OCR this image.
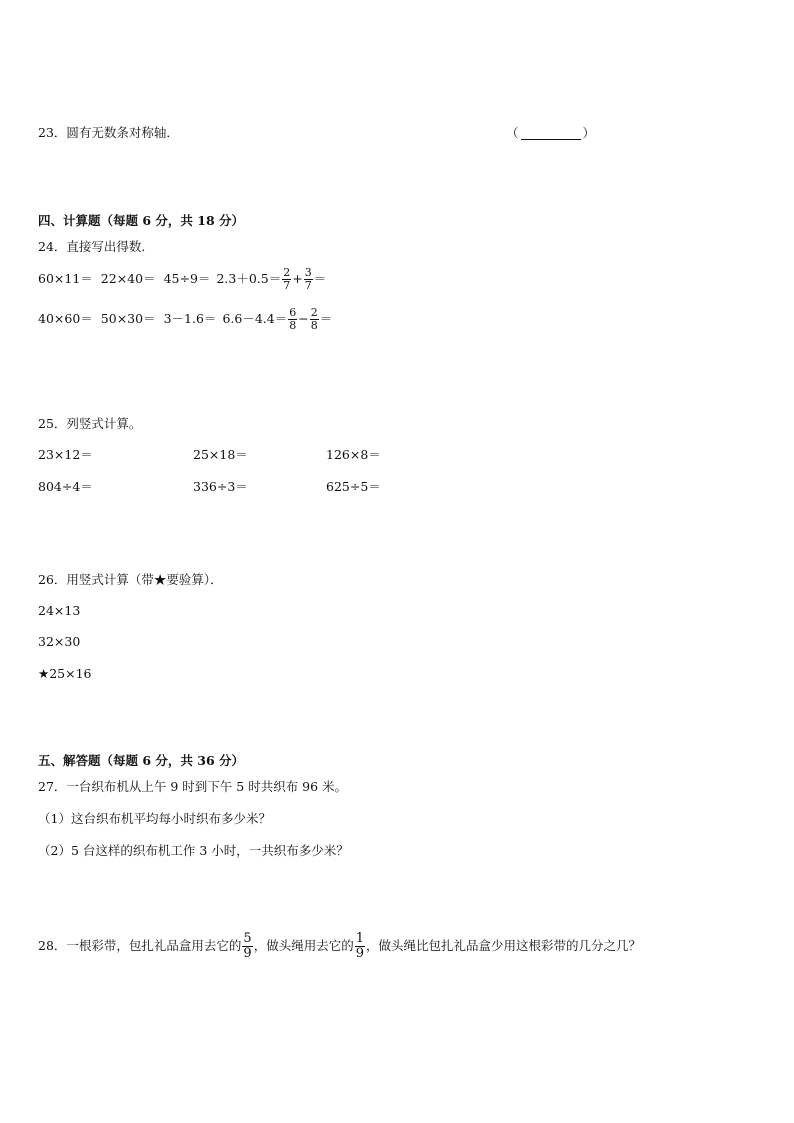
23．圆有无数条对称轴．	（	）
四、计算题（每题 6 分，共 18 分）
24．直接写出得数．
$60\times 11= 22\times 40= 45\div 9= 2.3+0.5= \frac{2}{7} + \frac{3}{7}$ ＝
$40\times 60= 50\times 30= 3-1.6= 6.6-4.4= \frac{6}{8} - \frac{2}{8}$ ＝
25．列竖式计算。
23×12＝	25×18＝	126×8＝
804÷4＝	336÷3＝	625÷5＝
26．用竖式计算（带★要验算）．
24×13
32×30
★25×16
五、解答题（每题 6 分，共 36 分）
27．一台织布机从上午 9 时到下午 5 时共织布 96 米。
（1）这台织布机平均每小时织布多少米？
（2）5 台这样的织布机工作 3 小时，一共织布多少米？
28．一根彩带，包扎礼品盒用去它的 $\frac{5}{9}$ ，做头绳用去它的 $\frac{1}{9}$ ，做头绳比包扎礼品盒少用这根彩带的几分之几？
